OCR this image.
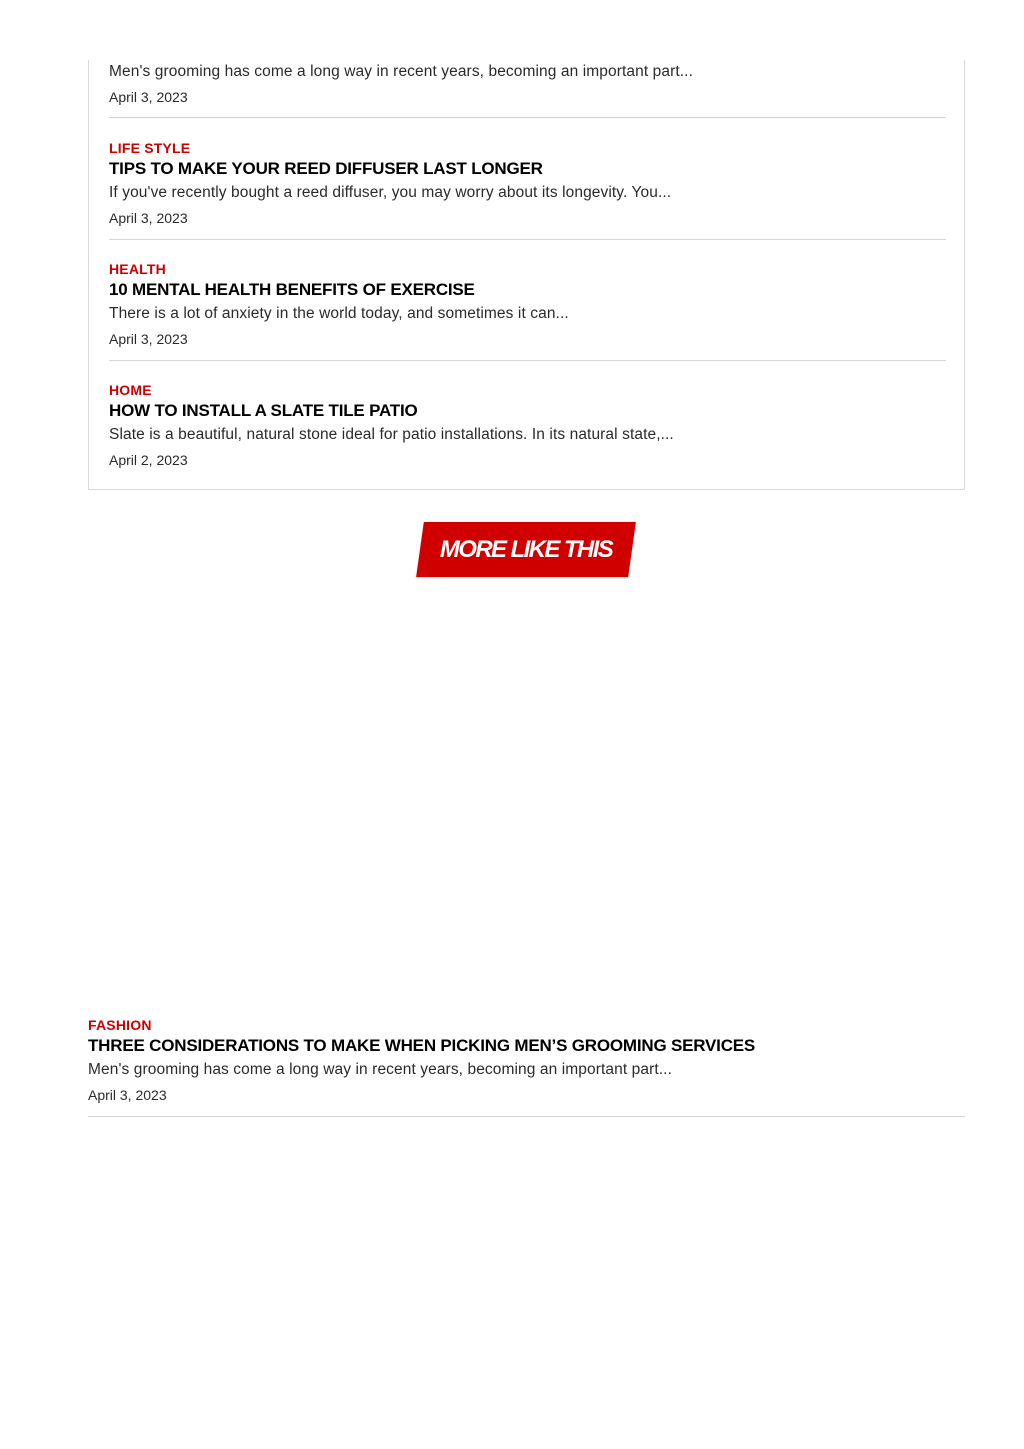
Men's grooming has come a long way in recent years, becoming an important part...

April 3, 2023

LIFE STYLE
TIPS TO MAKE YOUR REED DIFFUSER LAST LONGER

If you've recently bought a reed diffuser, you may worry about its longevity. You...

April 3, 2023

HEALTH
10 MENTAL HEALTH BENEFITS OF EXERCISE

There is a lot of anxiety in the world today, and sometimes it can...

April 3, 2023

HOME
HOW TO INSTALL A SLATE TILE PATIO

Slate is a beautiful, natural stone ideal for patio installations. In its natural state,...

April 2, 2023

MORE LIKE THIS
FASHION
THREE CONSIDERATIONS TO MAKE WHEN PICKING MEN’S GROOMING SERVICES

Men's grooming has come a long way in recent years, becoming an important part...

April 3, 2023
